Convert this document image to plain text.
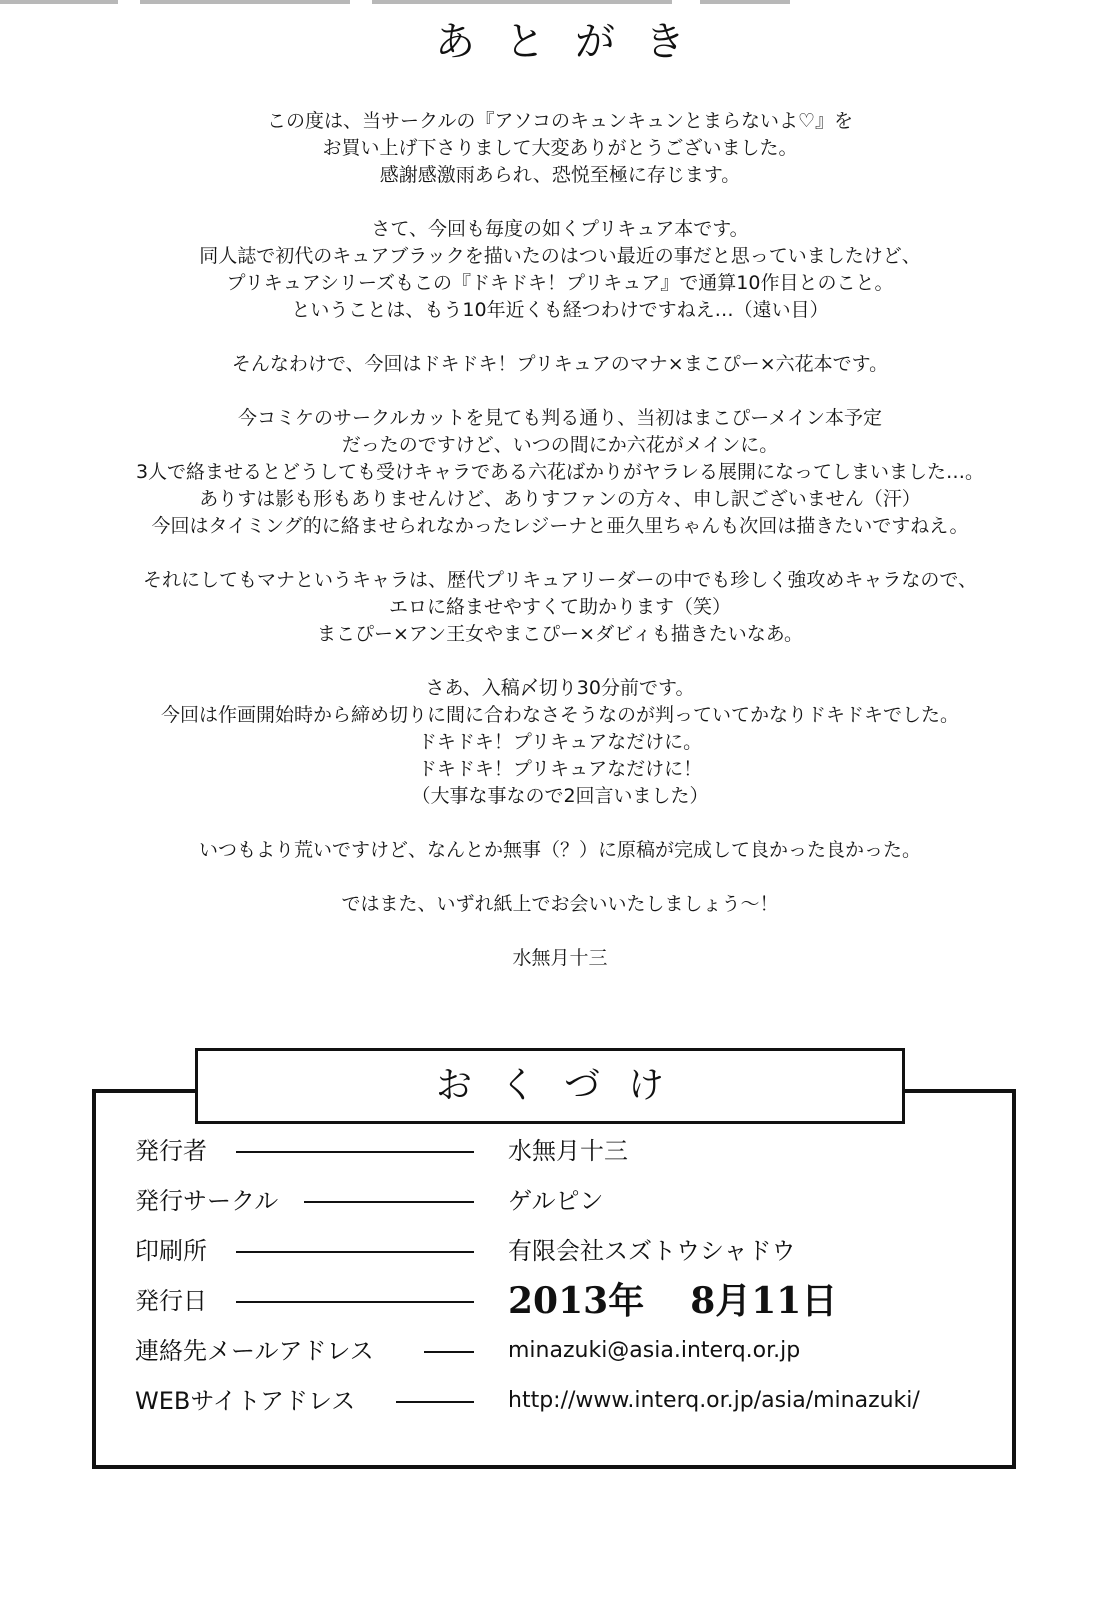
あとがき
この度は、当サークルの『アソコのキュンキュンとまらないよ♡』を
お買い上げ下さりまして大変ありがとうございました。
感謝感激雨あられ、恐悦至極に存じます。
さて、今回も毎度の如くプリキュア本です。
同人誌で初代のキュアブラックを描いたのはつい最近の事だと思っていましたけど、
プリキュアシリーズもこの『ドキドキ！プリキュア』で通算10作目とのこと。
ということは、もう10年近くも経つわけですねえ…（遠い目）
そんなわけで、今回はドキドキ！プリキュアのマナ×まこぴー×六花本です。
今コミケのサークルカットを見ても判る通り、当初はまこぴーメイン本予定
だったのですけど、いつの間にか六花がメインに。
3人で絡ませるとどうしても受けキャラである六花ばかりがヤラレる展開になってしまいました…。
ありすは影も形もありませんけど、ありすファンの方々、申し訳ございません（汗）
今回はタイミング的に絡ませられなかったレジーナと亜久里ちゃんも次回は描きたいですねえ。
それにしてもマナというキャラは、歴代プリキュアリーダーの中でも珍しく強攻めキャラなので、
エロに絡ませやすくて助かります（笑）
まこぴー×アン王女やまこぴー×ダビィも描きたいなあ。
さあ、入稿〆切り30分前です。
今回は作画開始時から締め切りに間に合わなさそうなのが判っていてかなりドキドキでした。
ドキドキ！プリキュアなだけに。
ドキドキ！プリキュアなだけに！
（大事な事なので2回言いました）
いつもより荒いですけど、なんとか無事（？）に原稿が完成して良かった良かった。
ではまた、いずれ紙上でお会いいたしましょう～！
水無月十三
おくづけ
発行者	水無月十三
発行サークル	ゲルピン
印刷所	有限会社スズトウシャドウ
発行日	2013年 8月11日
連絡先メールアドレス	minazuki@asia.interq.or.jp
WEBサイトアドレス	http://www.interq.or.jp/asia/minazuki/
